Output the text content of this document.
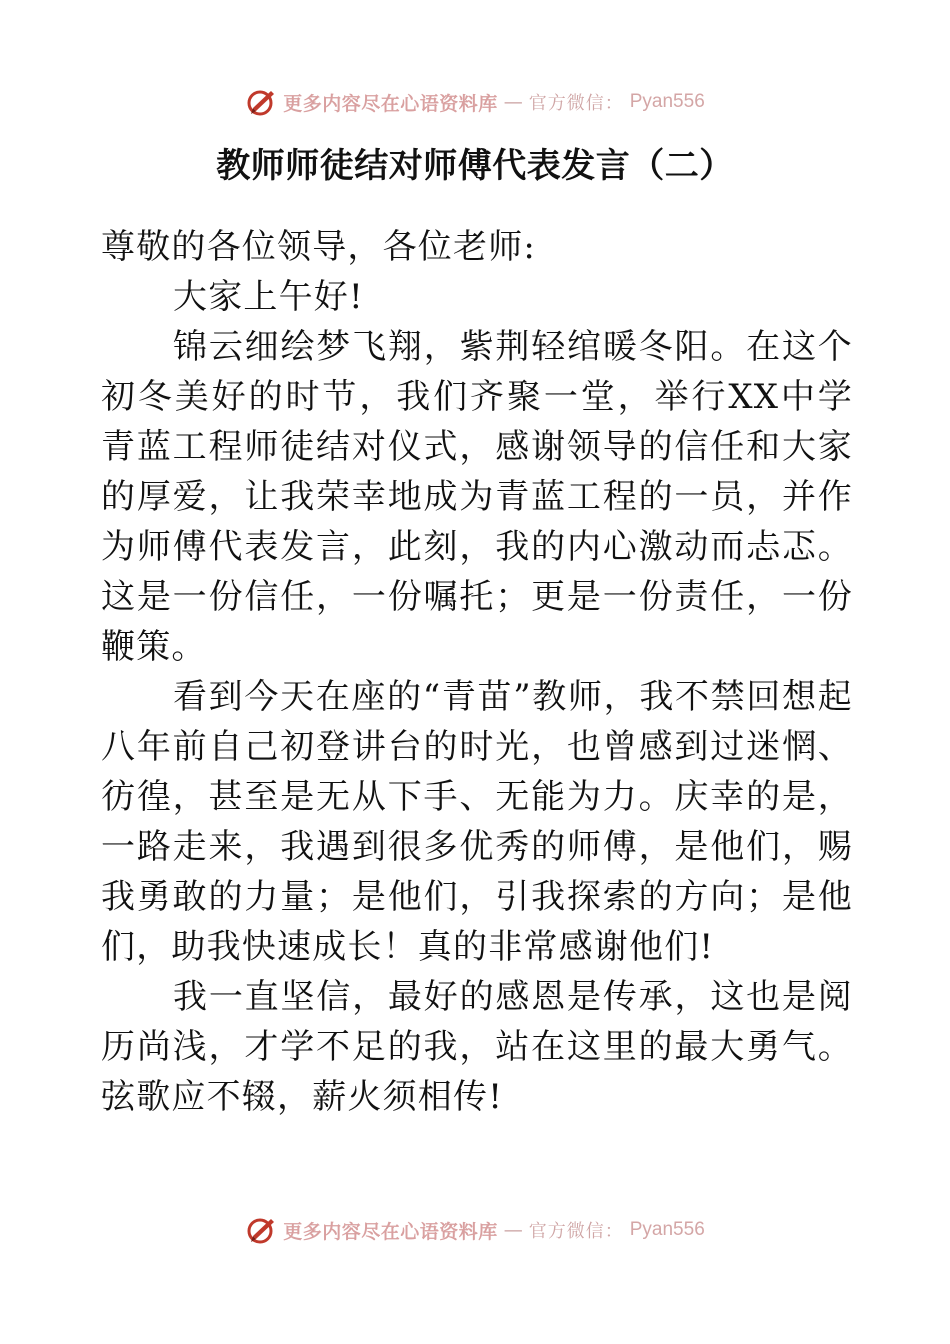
更多内容尽在心语资料库 — 官方微信： Pyan556
教师师徒结对师傅代表发言（二）

尊敬的各位领导，各位老师:

大家上午好!

锦云细绘梦飞翔，紫荆轻绾暖冬阳。在这个初冬美好的时节，我们齐聚一堂，举行XX中学青蓝工程师徒结对仪式，感谢领导的信任和大家的厚爱，让我荣幸地成为青蓝工程的一员，并作为师傅代表发言，此刻，我的内心激动而忐忑。这是一份信任，一份嘱托；更是一份责任，一份鞭策。

看到今天在座的“青苗”教师，我不禁回想起八年前自己初登讲台的时光，也曾感到过迷惘、彷徨，甚至是无从下手、无能为力。庆幸的是，一路走来，我遇到很多优秀的师傅，是他们，赐我勇敢的力量；是他们，引我探索的方向；是他们，助我快速成长！真的非常感谢他们!

我一直坚信，最好的感恩是传承，这也是阅历尚浅，才学不足的我，站在这里的最大勇气。弦歌应不辍，薪火须相传!

更多内容尽在心语资料库 — 官方微信： Pyan556
